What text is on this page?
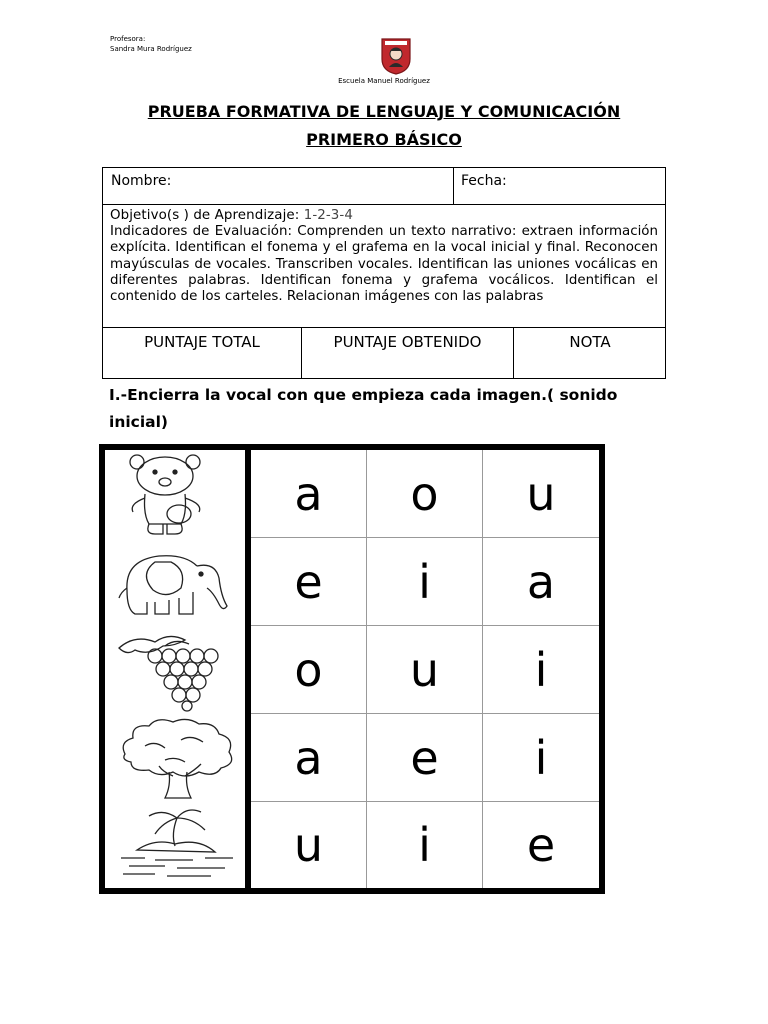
Profesora:
Sandra Mura Rodríguez
Escuela Manuel Rodríguez
PRUEBA FORMATIVA DE LENGUAJE Y COMUNICACIÓN
PRIMERO BÁSICO
Nombre:	Fecha:
Objetivo(s ) de Aprendizaje: 1-2-3-4
Indicadores de Evaluación: Comprenden un texto narrativo: extraen información explícita. Identifican el fonema y el grafema en la vocal inicial y final. Reconocen mayúsculas de vocales. Transcriben vocales. Identifican las uniones vocálicas en diferentes palabras. Identifican fonema y grafema vocálicos. Identifican el contenido de los carteles. Relacionan imágenes con las palabras
PUNTAJE TOTAL	PUNTAJE OBTENIDO	NOTA
I.-Encierra la vocal con que empieza cada imagen.( sonido inicial)
a	o	u
e	i	a
o	u	i
a	e	i
u	i	e
